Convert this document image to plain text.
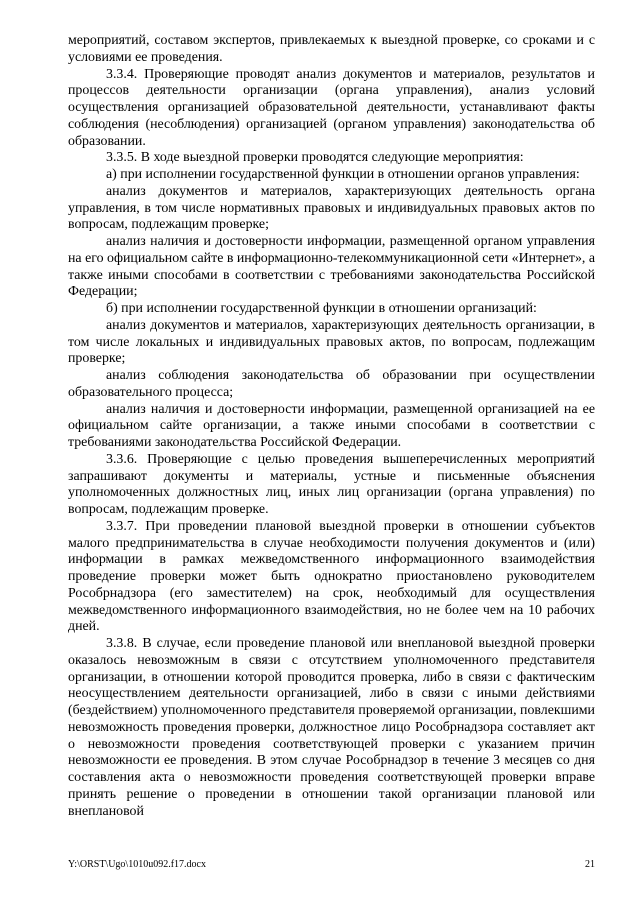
мероприятий, составом экспертов, привлекаемых к выездной проверке, со сроками и с условиями ее проведения.

3.3.4. Проверяющие проводят анализ документов и материалов, результатов и процессов деятельности организации (органа управления), анализ условий осуществления организацией образовательной деятельности, устанавливают факты соблюдения (несоблюдения) организацией (органом управления) законодательства об образовании.

3.3.5. В ходе выездной проверки проводятся следующие мероприятия:

а) при исполнении государственной функции в отношении органов управления:

анализ документов и материалов, характеризующих деятельность органа управления, в том числе нормативных правовых и индивидуальных правовых актов по вопросам, подлежащим проверке;

анализ наличия и достоверности информации, размещенной органом управления на его официальном сайте в информационно-телекоммуникационной сети «Интернет», а также иными способами в соответствии с требованиями законодательства Российской Федерации;

б) при исполнении государственной функции в отношении организаций:

анализ документов и материалов, характеризующих деятельность организации, в том числе локальных и индивидуальных правовых актов, по вопросам, подлежащим проверке;

анализ соблюдения законодательства об образовании при осуществлении образовательного процесса;

анализ наличия и достоверности информации, размещенной организацией на ее официальном сайте организации, а также иными способами в соответствии с требованиями законодательства Российской Федерации.

3.3.6. Проверяющие с целью проведения вышеперечисленных мероприятий запрашивают документы и материалы, устные и письменные объяснения уполномоченных должностных лиц, иных лиц организации (органа управления) по вопросам, подлежащим проверке.

3.3.7. При проведении плановой выездной проверки в отношении субъектов малого предпринимательства в случае необходимости получения документов и (или) информации в рамках межведомственного информационного взаимодействия проведение проверки может быть однократно приостановлено руководителем Рособрнадзора (его заместителем) на срок, необходимый для осуществления межведомственного информационного взаимодействия, но не более чем на 10 рабочих дней.

3.3.8. В случае, если проведение плановой или внеплановой выездной проверки оказалось невозможным в связи с отсутствием уполномоченного представителя организации, в отношении которой проводится проверка, либо в связи с фактическим неосуществлением деятельности организацией, либо в связи с иными действиями (бездействием) уполномоченного представителя проверяемой организации, повлекшими невозможность проведения проверки, должностное лицо Рособрнадзора составляет акт о невозможности проведения соответствующей проверки с указанием причин невозможности ее проведения. В этом случае Рособрнадзор в течение 3 месяцев со дня составления акта о невозможности проведения соответствующей проверки вправе принять решение о проведении в отношении такой организации плановой или внеплановой

Y:\ORST\Ugo\1010u092.f17.docx	21
